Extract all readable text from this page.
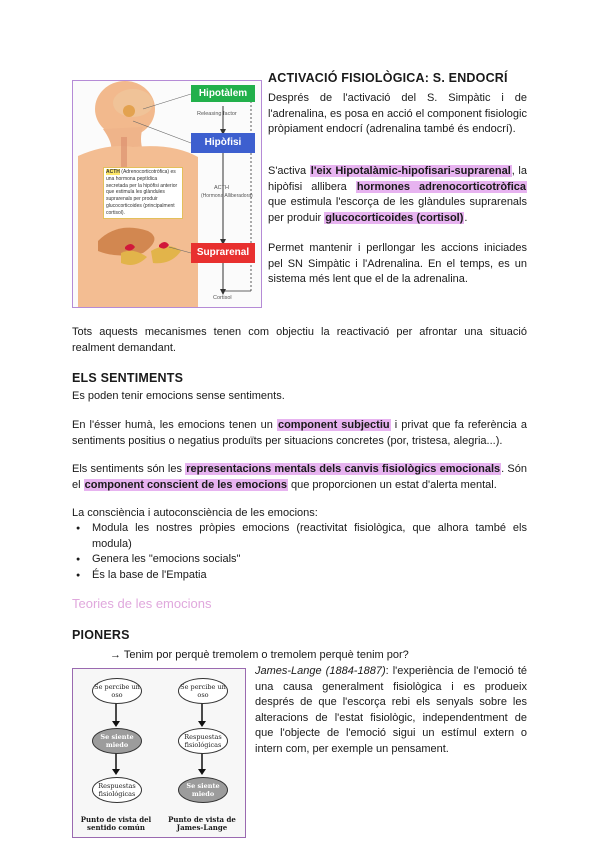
Hipotàlem
Releasing factor
Hipòfisi
ACTH
(Hormona Alliberadora)
Suprarenal
Cortisol
ACTH (Adrenocorticotròfica) es una hormona peptídica secretada per la hipòfisi anterior que estimula les glàndules suprarenals per produir glucocorticoides (principalment cortisol).
ACTIVACIÓ FISIOLÒGICA: S. ENDOCRÍ

Després de l'activació del S. Simpàtic i de l'adrenalina, es posa en acció el component fisiologic pròpiament endocrí (adrenalina també és endocrí).

S'activa l'eix Hipotalàmic-hipofisari-suprarenal, la hipòfisi allibera hormones adrenocorticotròfica que estimula l'escorça de les glàndules suprarenals per produir glucocorticoides (cortisol).

Permet mantenir i perllongar les accions iniciades pel SN Simpàtic i l'Adrenalina. En el temps, es un sistema més lent que el de la adrenalina.

Tots aquests mecanismes tenen com objectiu la reactivació per afrontar una situació realment demandant.

ELS SENTIMENTS

Es poden tenir emocions sense sentiments.

En l'ésser humà, les emocions tenen un component subjectiu i privat que fa referència a sentiments positius o negatius produïts per situacions concretes (por, tristesa, alegria...).

Els sentiments són les representacions mentals dels canvis fisiològics emocionals. Són el component conscient de les emocions que proporcionen un estat d'alerta mental.

La consciència i autoconsciència de les emocions:

● Modula les nostres pròpies emocions (reactivitat fisiològica, que alhora també els modula)
● Genera les "emocions socials"
● És la base de l'Empatia
Teories de les emocions
PIONERS

→ Tenim por perquè tremolem o tremolem perquè tenim por?

James-Lange (1884-1887): l'experiència de l'emoció té una causa generalment fisiològica i es produeix després de que l'escorça rebi els senyals sobre les alteracions de l'estat fisiològic, independentment de que l'objecte de l'emoció sigui un estímul extern o intern com, per exemple un pensament.

Se percibe un oso
Se siente miedo
Respuestas fisiológicas
Se percibe un oso
Respuestas fisiológicas
Se siente miedo
Punto de vista del sentido común
Punto de vista de James-Lange
